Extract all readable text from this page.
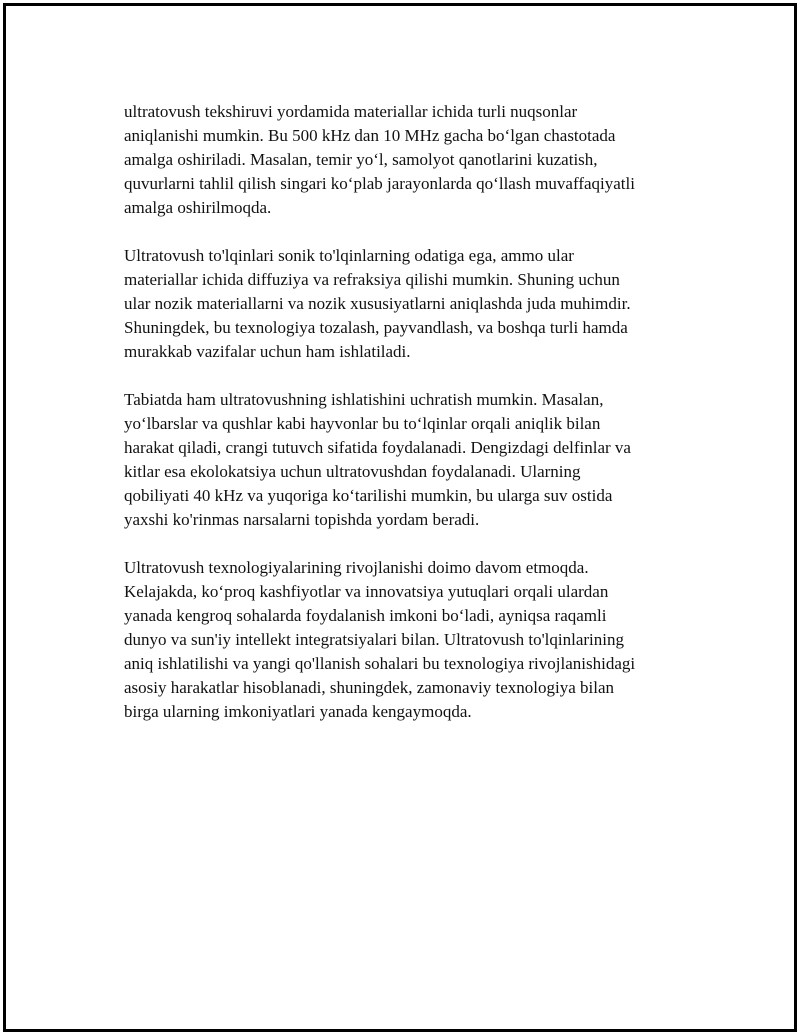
ultratovush tekshiruvi yordamida materiallar ichida turli nuqsonlar
aniqlanishi mumkin. Bu 500 kHz dan 10 MHz gacha bo‘lgan chastotada
amalga oshiriladi. Masalan, temir yo‘l, samolyot qanotlarini kuzatish,
quvurlarni tahlil qilish singari ko‘plab jarayonlarda qo‘llash muvaffaqiyatli
amalga oshirilmoqda.

Ultratovush to'lqinlari sonik to'lqinlarning odatiga ega, ammo ular
materiallar ichida diffuziya va refraksiya qilishi mumkin. Shuning uchun
ular nozik materiallarni va nozik xususiyatlarni aniqlashda juda muhimdir.
Shuningdek, bu texnologiya tozalash, payvandlash, va boshqa turli hamda
murakkab vazifalar uchun ham ishlatiladi.

Tabiatda ham ultratovushning ishlatishini uchratish mumkin. Masalan,
yo‘lbarslar va qushlar kabi hayvonlar bu to‘lqinlar orqali aniqlik bilan
harakat qiladi, crangi tutuvch sifatida foydalanadi. Dengizdagi delfinlar va
kitlar esa ekolokatsiya uchun ultratovushdan foydalanadi. Ularning
qobiliyati 40 kHz va yuqoriga ko‘tarilishi mumkin, bu ularga suv ostida
yaxshi ko'rinmas narsalarni topishda yordam beradi.

Ultratovush texnologiyalarining rivojlanishi doimo davom etmoqda.
Kelajakda, ko‘proq kashfiyotlar va innovatsiya yutuqlari orqali ulardan
yanada kengroq sohalarda foydalanish imkoni bo‘ladi, ayniqsa raqamli
dunyo va sun'iy intellekt integratsiyalari bilan. Ultratovush to'lqinlarining
aniq ishlatilishi va yangi qo'llanish sohalari bu texnologiya rivojlanishidagi
asosiy harakatlar hisoblanadi, shuningdek, zamonaviy texnologiya bilan
birga ularning imkoniyatlari yanada kengaymoqda.
